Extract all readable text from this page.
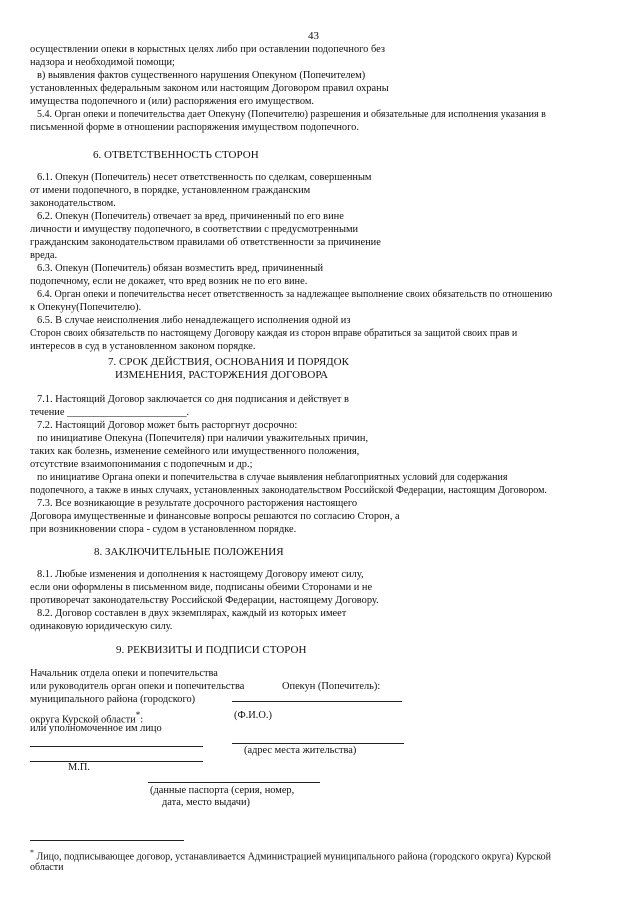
43
осуществлении опеки в корыстных целях либо при оставлении подопечного без
надзора и необходимой помощи;
в) выявления фактов существенного нарушения Опекуном (Попечителем)
установленных федеральным законом или настоящим Договором правил охраны
имущества подопечного и (или) распоряжения его имуществом.
5.4. Орган опеки и попечительства дает Опекуну (Попечителю) разрешения и обязательные для исполнения указания в
письменной форме в отношении распоряжения имуществом подопечного.
6. ОТВЕТСТВЕННОСТЬ СТОРОН
6.1. Опекун (Попечитель) несет ответственность по сделкам, совершенным
от имени подопечного, в порядке, установленном гражданским
законодательством.
6.2. Опекун (Попечитель) отвечает за вред, причиненный по его вине
личности и имуществу подопечного, в соответствии с предусмотренными
гражданским законодательством правилами об ответственности за причинение
вреда.
6.3. Опекун (Попечитель) обязан возместить вред, причиненный
подопечному, если не докажет, что вред возник не по его вине.
6.4. Орган опеки и попечительства несет ответственность за надлежащее выполнение своих обязательств по отношению
к Опекуну(Попечителю).
6.5. В случае неисполнения либо ненадлежащего исполнения одной из
Сторон своих обязательств по настоящему Договору каждая из сторон вправе обратиться за защитой своих прав и
интересов в суд в установленном законом порядке.
7. СРОК ДЕЙСТВИЯ, ОСНОВАНИЯ И ПОРЯДОК
ИЗМЕНЕНИЯ, РАСТОРЖЕНИЯ ДОГОВОРА
7.1. Настоящий Договор заключается со дня подписания и действует в
течение _______________________.
7.2. Настоящий Договор может быть расторгнут досрочно:
по инициативе Опекуна (Попечителя) при наличии уважительных причин,
таких как болезнь, изменение семейного или имущественного положения,
отсутствие взаимопонимания с подопечным и др.;
по инициативе Органа опеки и попечительства в случае выявления неблагоприятных условий для содержания
подопечного, а также в иных случаях, установленных законодательством Российской Федерации, настоящим Договором.
7.3. Все возникающие в результате досрочного расторжения настоящего
Договора имущественные и финансовые вопросы решаются по согласию Сторон, а
при возникновении спора - судом в установленном порядке.
8. ЗАКЛЮЧИТЕЛЬНЫЕ ПОЛОЖЕНИЯ
8.1. Любые изменения и дополнения к настоящему Договору имеют силу,
если они оформлены в письменном виде, подписаны обеими Сторонами и не
противоречат законодательству Российской Федерации, настоящему Договору.
8.2. Договор составлен в двух экземплярах, каждый из которых имеет
одинаковую юридическую силу.
9. РЕКВИЗИТЫ И ПОДПИСИ СТОРОН
Начальник отдела опеки и попечительства
или руководитель орган опеки и попечительства
муниципального района (городского)
округа Курской области*:
или уполномоченное им лицо
Опекун (Попечитель):
(Ф.И.О.)
(адрес места жительства)
М.П.
(данные паспорта (серия, номер,
дата, место выдачи)
* Лицо, подписывающее договор, устанавливается Администрацией муниципального района (городского округа) Курской
области
